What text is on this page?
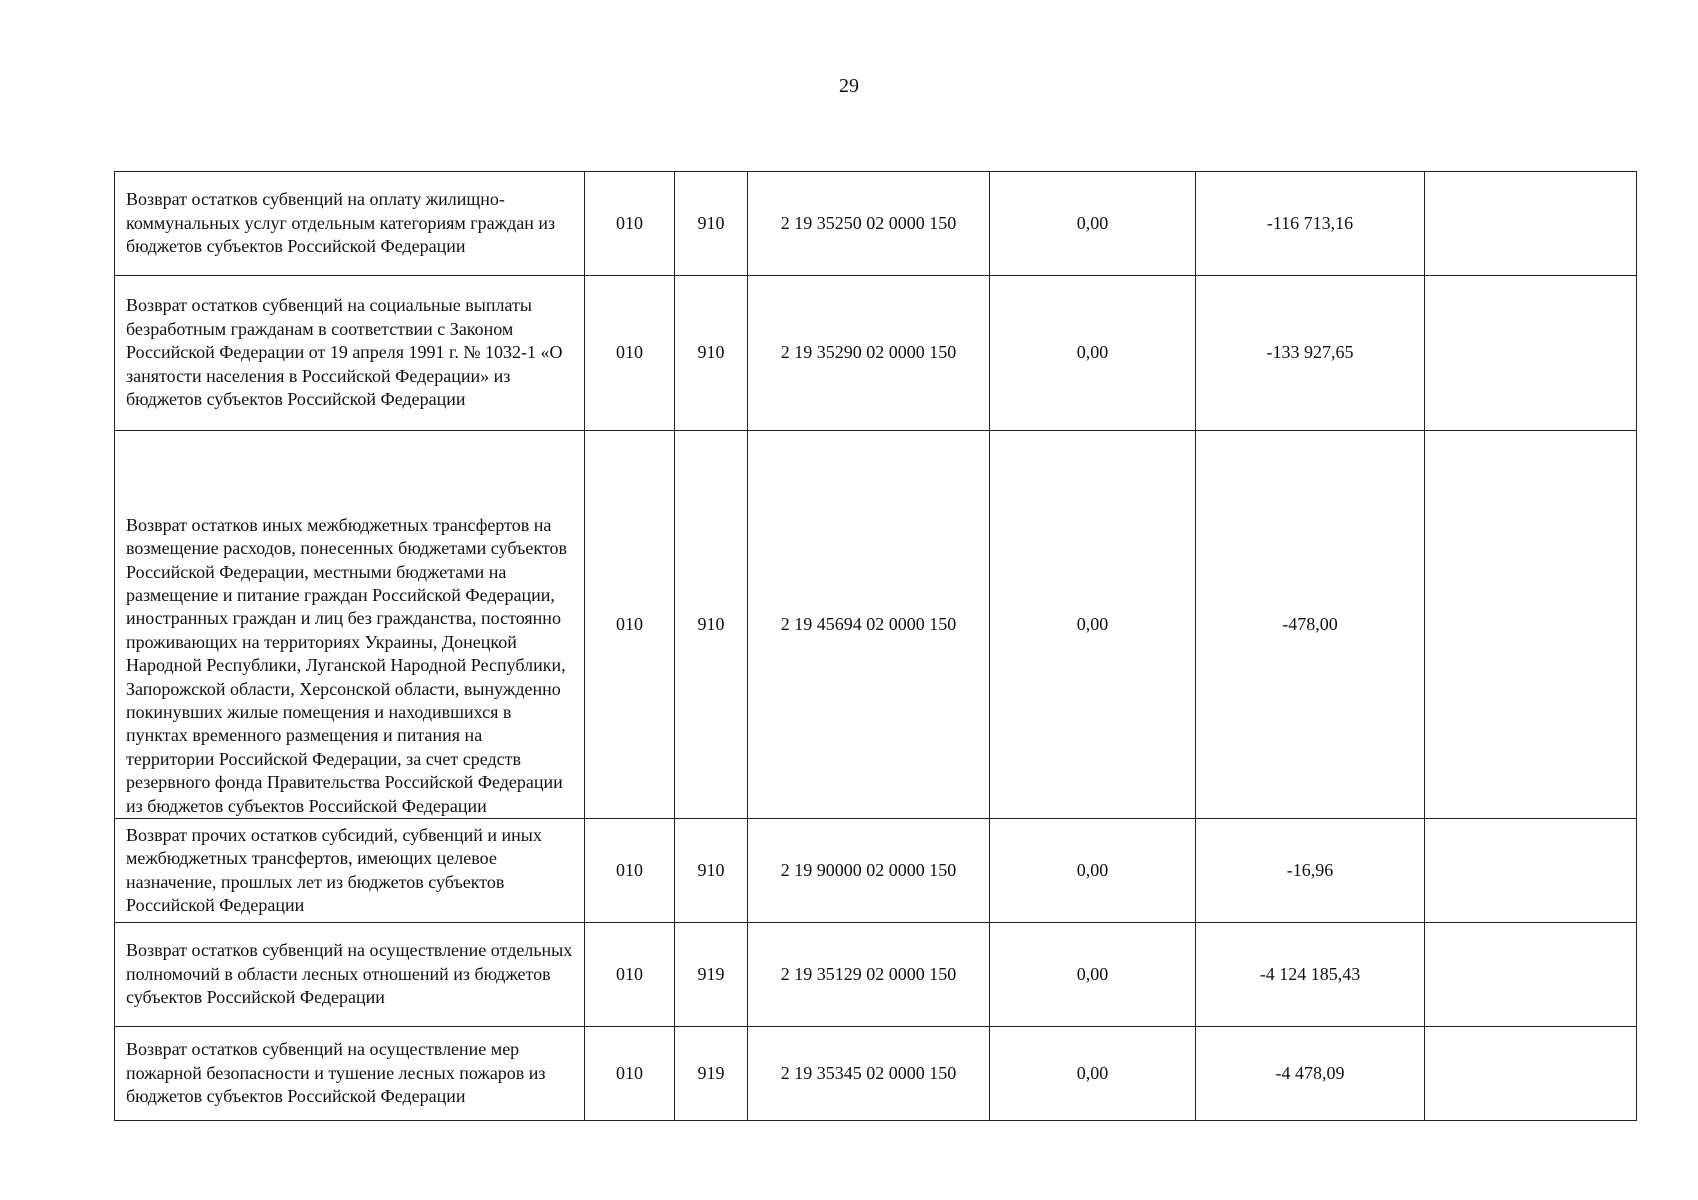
29
Возврат остатков субвенций на оплату жилищно-коммунальных услуг отдельным категориям граждан из бюджетов субъектов Российской Федерации	010	910	2 19 35250 02 0000 150	0,00	-116 713,16	
Возврат остатков субвенций на социальные выплаты безработным гражданам в соответствии с Законом Российской Федерации от 19 апреля 1991 г. № 1032-1 «О занятости населения в Российской Федерации» из бюджетов субъектов Российской Федерации	010	910	2 19 35290 02 0000 150	0,00	-133 927,65	
Возврат остатков иных межбюджетных трансфертов на возмещение расходов, понесенных бюджетами субъектов Российской Федерации, местными бюджетами на размещение и питание граждан Российской Федерации, иностранных граждан и лиц без гражданства, постоянно проживающих на территориях Украины, Донецкой Народной Республики, Луганской Народной Республики, Запорожской области, Херсонской области, вынужденно покинувших жилые помещения и находившихся в пунктах временного размещения и питания на территории Российской Федерации, за счет средств резервного фонда Правительства Российской Федерации из бюджетов субъектов Российской Федерации	010	910	2 19 45694 02 0000 150	0,00	-478,00	
Возврат прочих остатков субсидий, субвенций и иных межбюджетных трансфертов, имеющих целевое назначение, прошлых лет из бюджетов субъектов Российской Федерации	010	910	2 19 90000 02 0000 150	0,00	-16,96	
Возврат остатков субвенций на осуществление отдельных полномочий в области лесных отношений из бюджетов субъектов Российской Федерации	010	919	2 19 35129 02 0000 150	0,00	-4 124 185,43	
Возврат остатков субвенций на осуществление мер пожарной безопасности и тушение лесных пожаров из бюджетов субъектов Российской Федерации	010	919	2 19 35345 02 0000 150	0,00	-4 478,09	
